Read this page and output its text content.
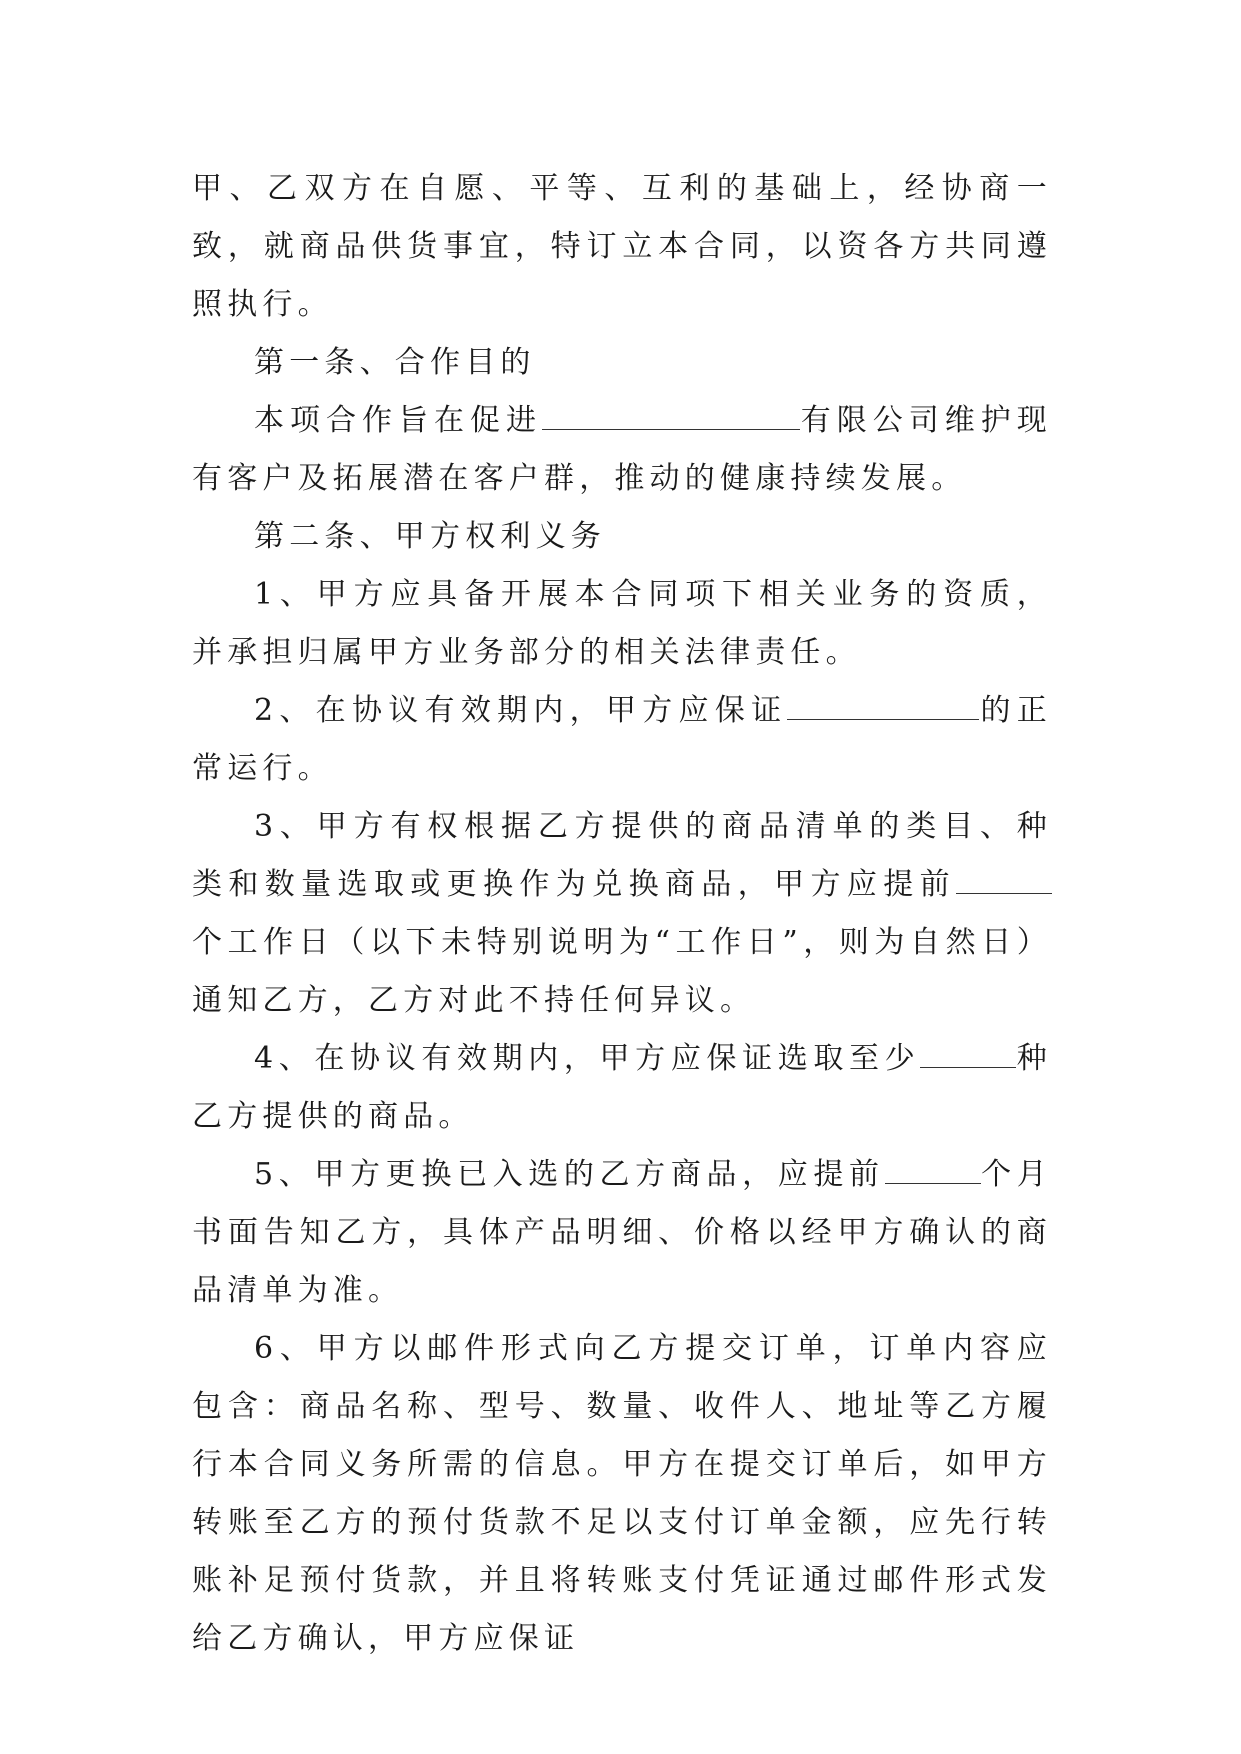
甲、乙双方在自愿、平等、互利的基础上，经协商一致，就商品供货事宜，特订立本合同，以资各方共同遵照执行。

第一条、合作目的

本项合作旨在促进	有限公司维护现有客户及拓展潜在客户群，推动的健康持续发展。

第二条、甲方权利义务

1、甲方应具备开展本合同项下相关业务的资质，并承担归属甲方业务部分的相关法律责任。

2、在协议有效期内，甲方应保证	的正常运行。

3、甲方有权根据乙方提供的商品清单的类目、种类和数量选取或更换作为兑换商品，甲方应提前个工作日（以下未特别说明为“工作日”，则为自然日）通知乙方，乙方对此不持任何异议。

4、在协议有效期内，甲方应保证选取至少	种乙方提供的商品。

5、甲方更换已入选的乙方商品，应提前	个月书面告知乙方，具体产品明细、价格以经甲方确认的商品清单为准。

6、甲方以邮件形式向乙方提交订单，订单内容应包含：商品名称、型号、数量、收件人、地址等乙方履行本合同义务所需的信息。甲方在提交订单后，如甲方转账至乙方的预付货款不足以支付订单金额，应先行转账补足预付货款，并且将转账支付凭证通过邮件形式发给乙方确认，甲方应保证
